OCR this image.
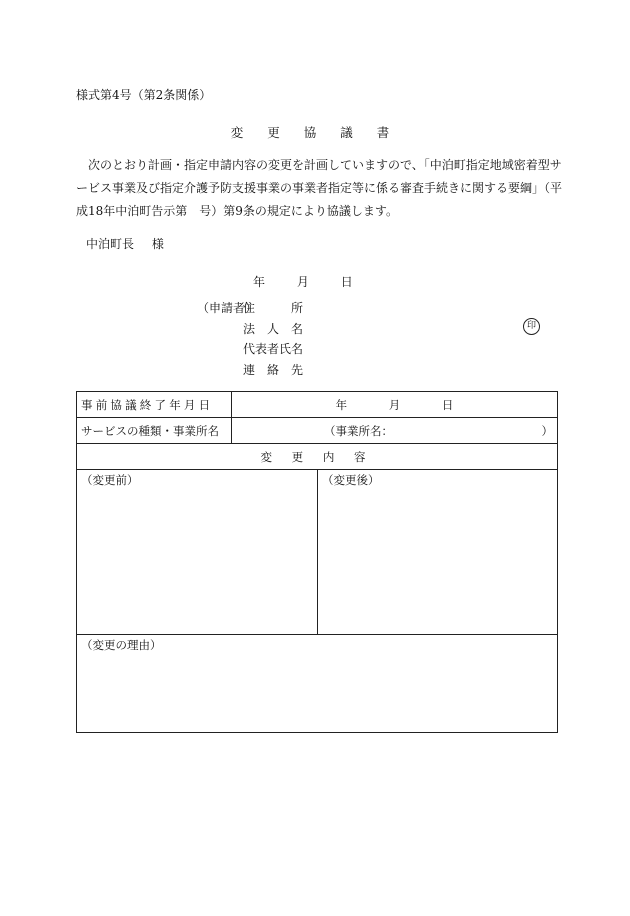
様式第4号（第2条関係）
変 更 協 議 書

　次のとおり計画・指定申請内容の変更を計画していますので、「中泊町指定地域密着型サ

ービス事業及び指定介護予防支援事業の事業者指定等に係る審査手続きに関する要綱」（平

成18年中泊町告示第　号）第9条の規定により協議します。

中泊町長 様
年	月	日
（申請者）
住　　　所
法　人　名
代表者氏名
連　絡　先
印
事前協議終了年月日	年 月 日	
サービスの種類・事業所名	（事業所名： ）	

変 更 内 容		
（変更前）		（変更後）
（変更の理由）		
